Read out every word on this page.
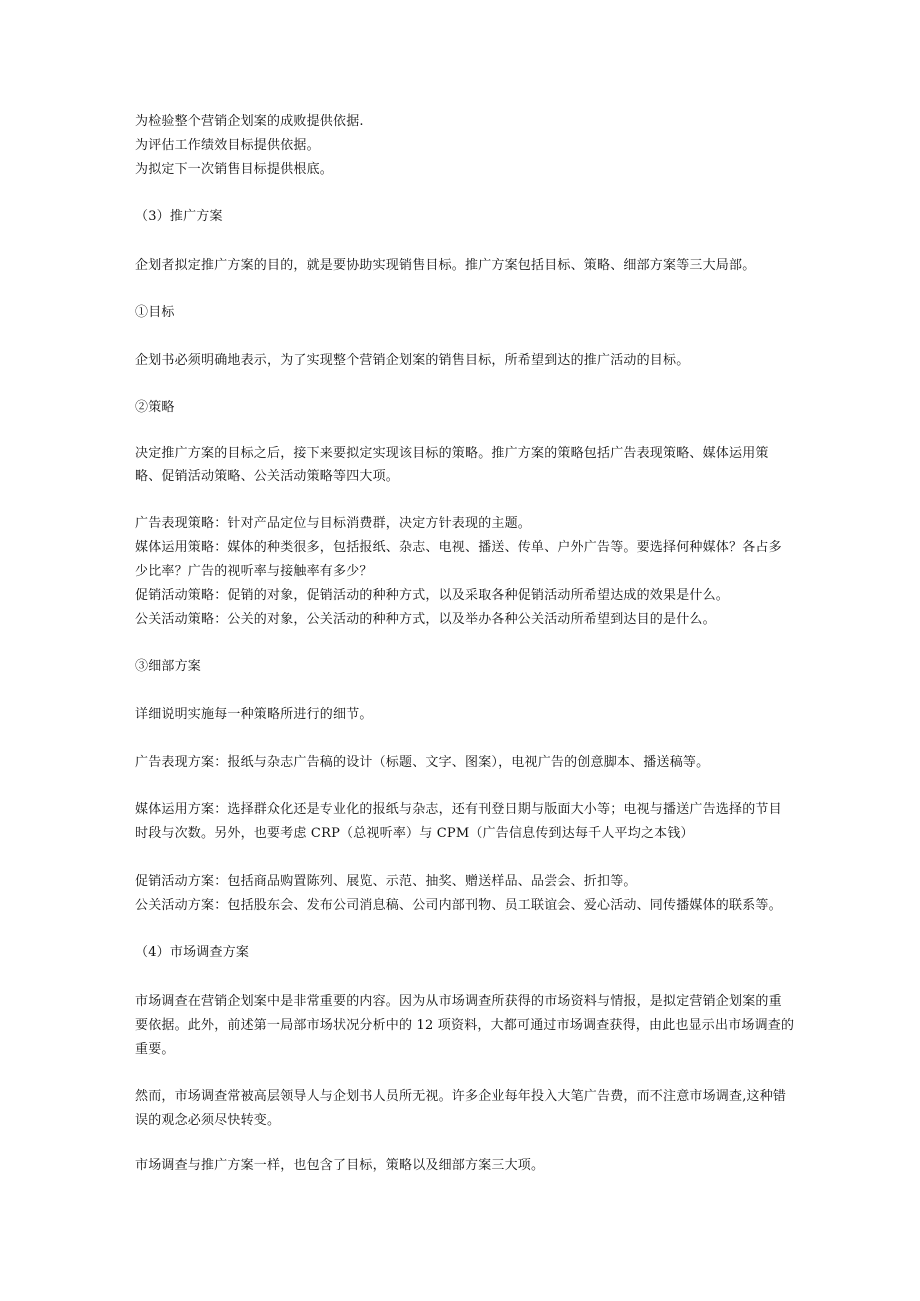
为检验整个营销企划案的成败提供依据.
为评估工作绩效目标提供依据。
为拟定下一次销售目标提供根底。
（3）推广方案
企划者拟定推广方案的目的，就是要协助实现销售目标。推广方案包括目标、策略、细部方案等三大局部。
①目标
企划书必须明确地表示，为了实现整个营销企划案的销售目标，所希望到达的推广活动的目标。
②策略
决定推广方案的目标之后，接下来要拟定实现该目标的策略。推广方案的策略包括广告表现策略、媒体运用策
略、促销活动策略、公关活动策略等四大项。
广告表现策略：针对产品定位与目标消费群，决定方针表现的主题。
媒体运用策略：媒体的种类很多，包括报纸、杂志、电视、播送、传单、户外广告等。要选择何种媒体？各占多
少比率？广告的视听率与接触率有多少？
促销活动策略：促销的对象，促销活动的种种方式，以及采取各种促销活动所希望达成的效果是什么。
公关活动策略：公关的对象，公关活动的种种方式，以及举办各种公关活动所希望到达目的是什么。
③细部方案
详细说明实施每一种策略所进行的细节。
广告表现方案：报纸与杂志广告稿的设计（标题、文字、图案），电视广告的创意脚本、播送稿等。
媒体运用方案：选择群众化还是专业化的报纸与杂志，还有刊登日期与版面大小等；电视与播送广告选择的节目
时段与次数。另外，也要考虑 CRP（总视听率）与 CPM（广告信息传到达每千人平均之本钱）
促销活动方案：包括商品购置陈列、展览、示范、抽奖、赠送样品、品尝会、折扣等。
公关活动方案：包括股东会、发布公司消息稿、公司内部刊物、员工联谊会、爱心活动、同传播媒体的联系等。
（4）市场调查方案
市场调查在营销企划案中是非常重要的内容。因为从市场调查所获得的市场资料与情报，是拟定营销企划案的重
要依据。此外，前述第一局部市场状况分析中的 12 项资料，大都可通过市场调查获得，由此也显示出市场调查的
重要。
然而，市场调查常被高层领导人与企划书人员所无视。许多企业每年投入大笔广告费，而不注意市场调查,这种错
误的观念必须尽快转变。
市场调查与推广方案一样，也包含了目标，策略以及细部方案三大项。
